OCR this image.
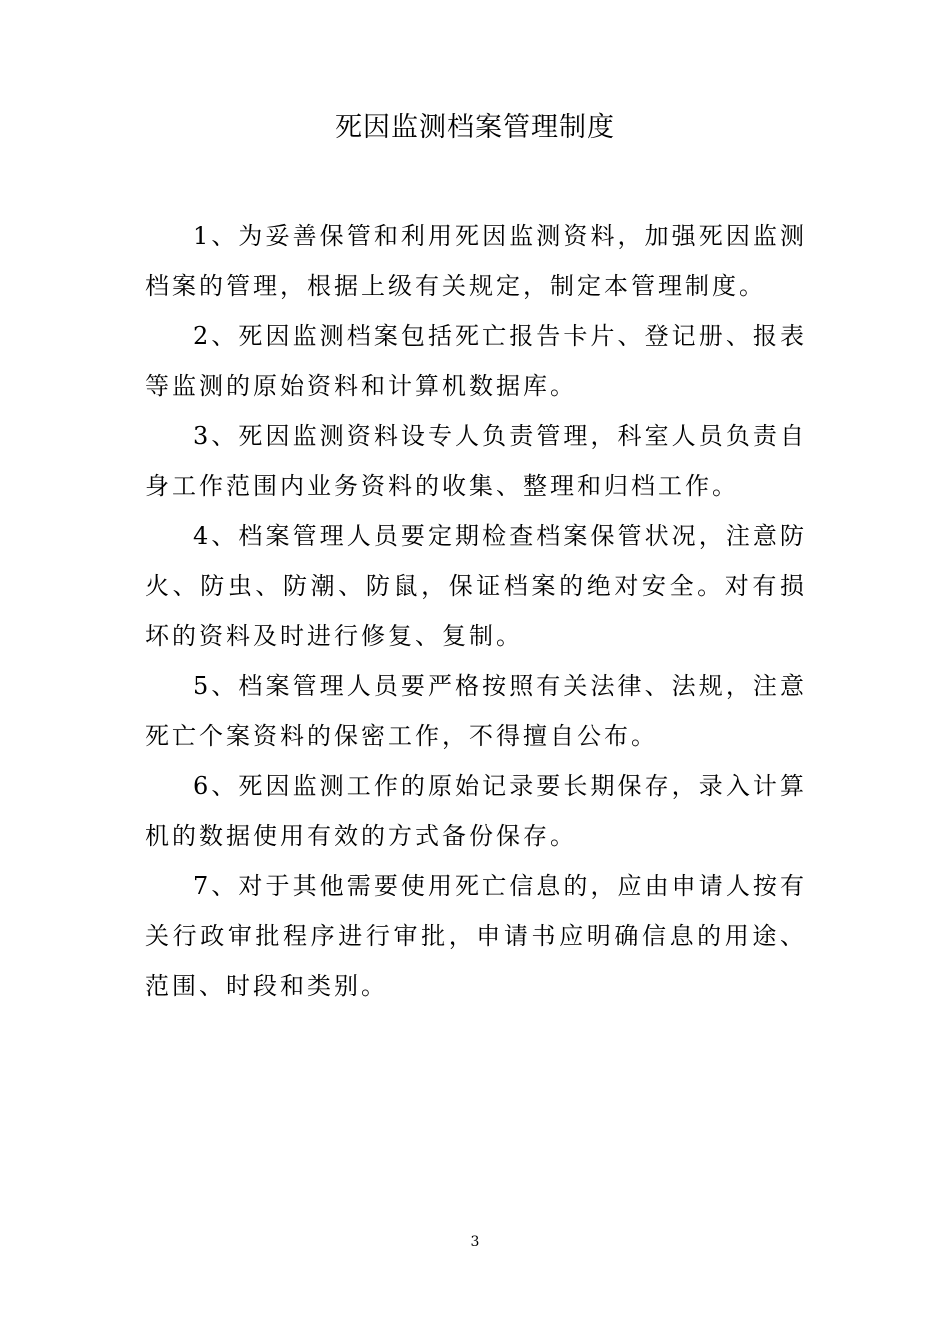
死因监测档案管理制度

1、为妥善保管和利用死因监测资料，加强死因监测档案的管理，根据上级有关规定，制定本管理制度。

2、死因监测档案包括死亡报告卡片、登记册、报表等监测的原始资料和计算机数据库。

3、死因监测资料设专人负责管理，科室人员负责自身工作范围内业务资料的收集、整理和归档工作。

4、档案管理人员要定期检查档案保管状况，注意防火、防虫、防潮、防鼠，保证档案的绝对安全。对有损坏的资料及时进行修复、复制。

5、档案管理人员要严格按照有关法律、法规，注意死亡个案资料的保密工作，不得擅自公布。

6、死因监测工作的原始记录要长期保存，录入计算机的数据使用有效的方式备份保存。

7、对于其他需要使用死亡信息的，应由申请人按有关行政审批程序进行审批，申请书应明确信息的用途、范围、时段和类别。

3
